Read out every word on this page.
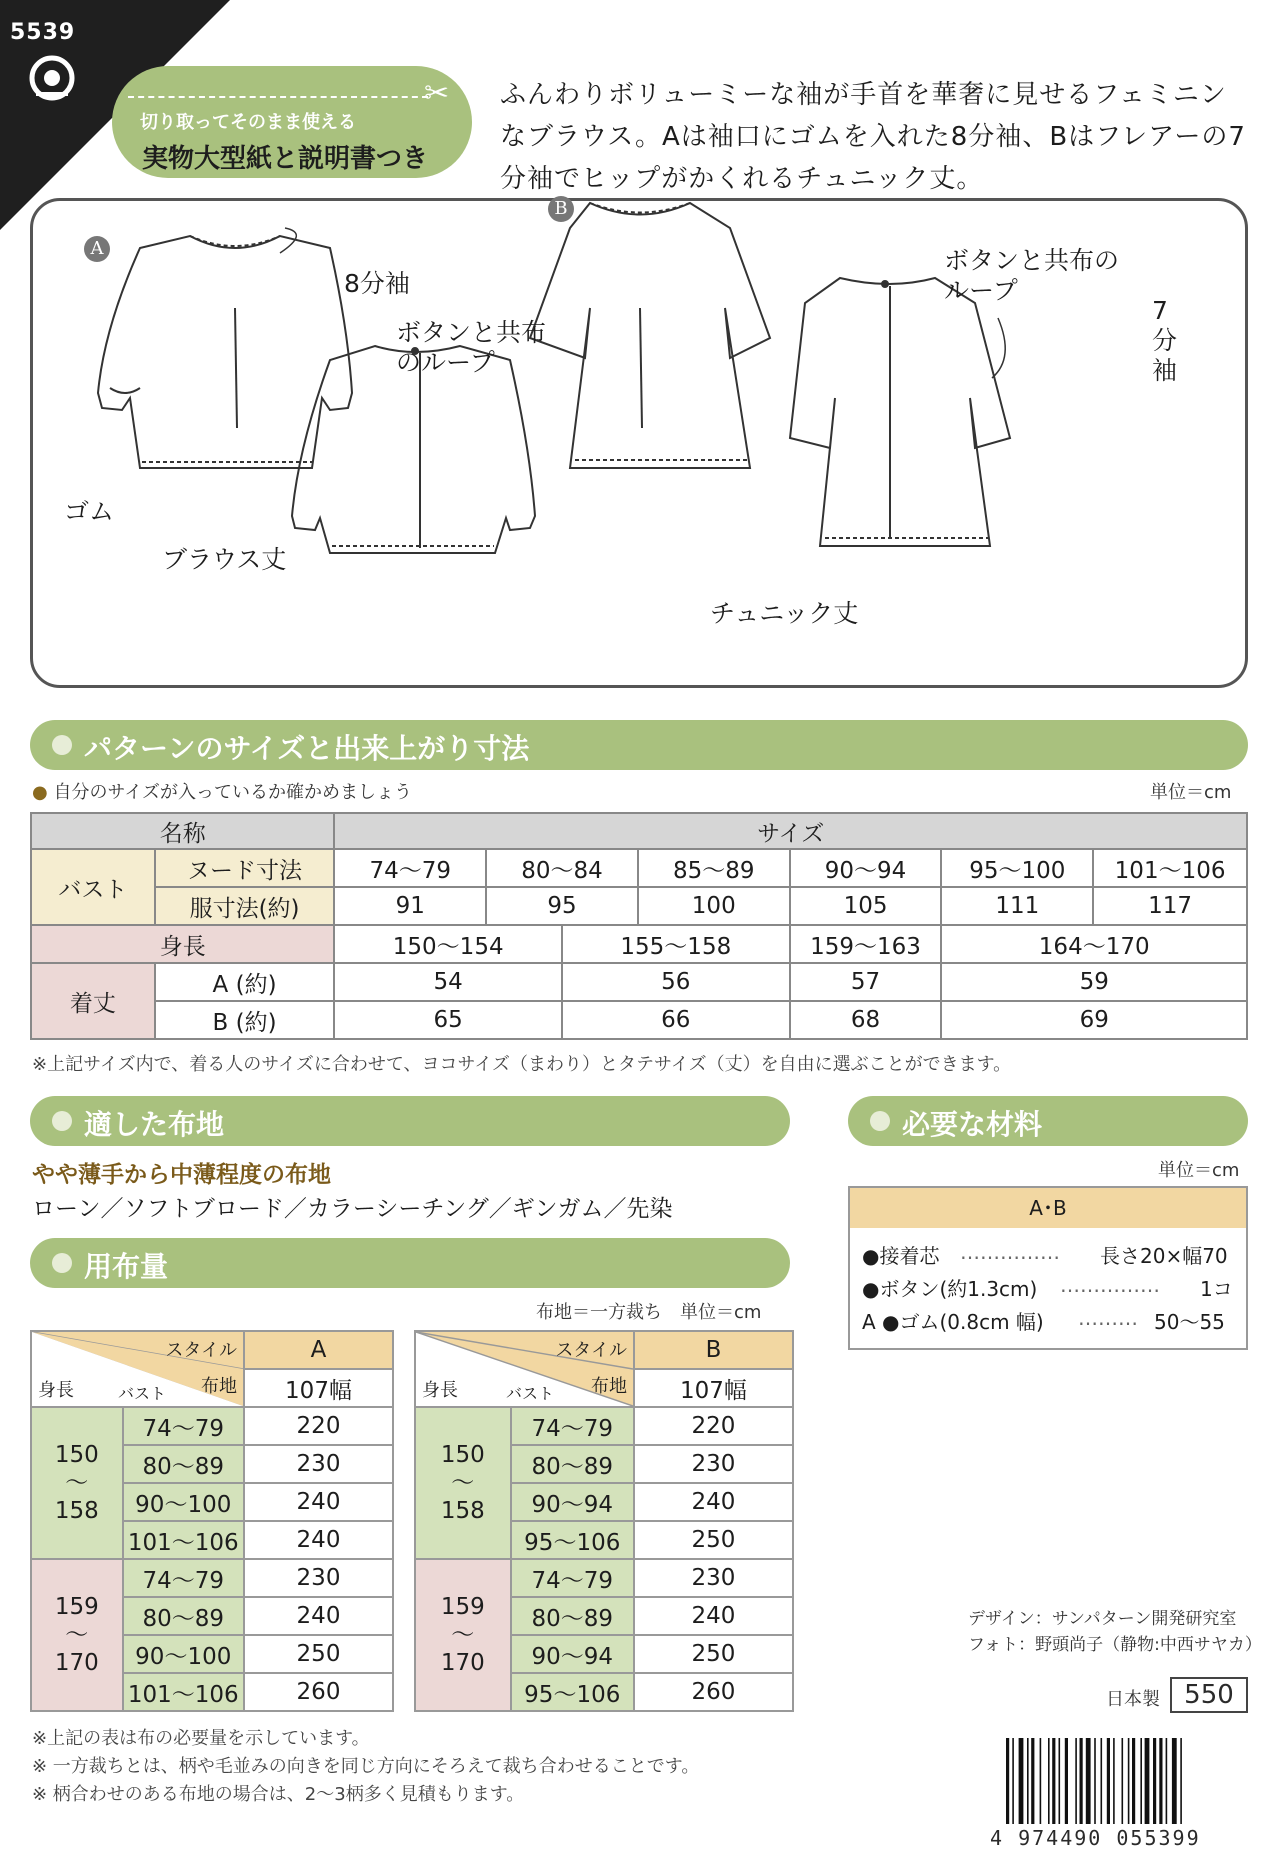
5539
✂
切り取ってそのまま使える
実物大型紙と説明書つき
ふんわりボリューミーな袖が手首を華奢に見せるフェミニンなブラウス。Aは袖口にゴムを入れた8分袖、Bはフレアーの7分袖でヒップがかくれるチュニック丈。
A
B
8分袖
ボタンと共布のループ
ゴム
ブラウス丈
ボタンと共布のループ
7分袖
チュニック丈
パターンのサイズと出来上がり寸法
● 自分のサイズが入っているか確かめましょう	単位＝cm
名称		サイズ						
バスト	ヌード寸法	74〜79	80〜84		85〜89	90〜94	95〜100	101〜106
	服寸法(約)	91	95		100	105	111	117
身長		150〜154		155〜158		159〜163	164〜170	
着丈	A (約)	54		56		57	59	
	B (約)	65		66		68	69	
※上記サイズ内で、着る人のサイズに合わせて、ヨコサイズ（まわり）とタテサイズ（丈）を自由に選ぶことができます。
適した布地
やや薄手から中薄程度の布地
ローン／ソフトブロード／カラーシーチング／ギンガム／先染
必要な材料
単位＝cm
A･B
●接着芯 …………… 長さ20×幅70
●ボタン(約1.3cm) …………… 1コ
A ●ゴム(0.8cm 幅) ……… 50〜55
用布量
布地＝一方裁ち　単位＝cm
スタイル
布地
身長 バスト		A
		107幅

150
〜
158	74〜79	220
	80〜89	230
	90〜100	240
	101〜106	240

159
〜
170	74〜79	230
	80〜89	240
	90〜100	250
	101〜106	260
スタイル
布地
身長 バスト		B
		107幅

150
〜
158	74〜79	220
	80〜89	230
	90〜94	240
	95〜106	250

159
〜
170	74〜79	230
	80〜89	240
	90〜94	250
	95〜106	260
※上記の表は布の必要量を示しています。
※ 一方裁ちとは、柄や毛並みの向きを同じ方向にそろえて裁ち合わせることです。
※ 柄合わせのある布地の場合は、2〜3柄多く見積もります。
デザイン：サンパターン開発研究室
フォト：野頭尚子（静物:中西サヤカ）
日本製 550
4 974490 055399
